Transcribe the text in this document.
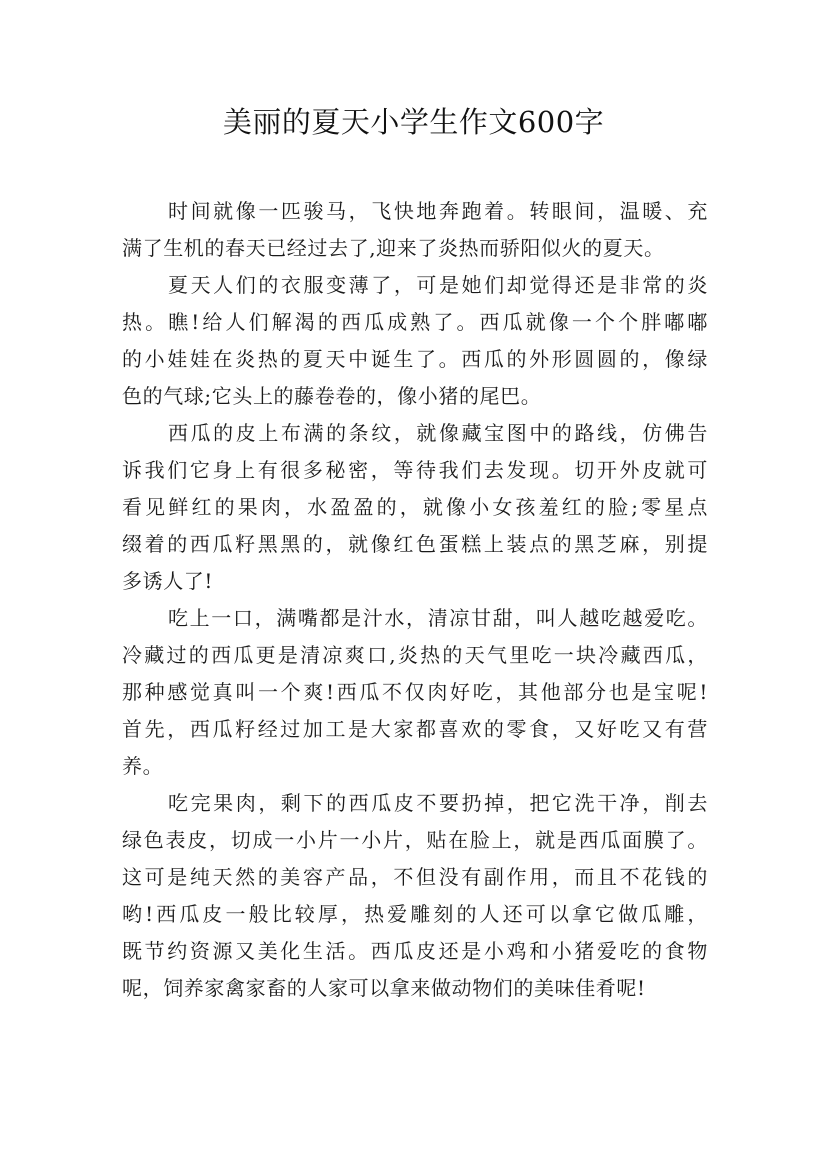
美丽的夏天小学生作文600字
时间就像一匹骏马，飞快地奔跑着。转眼间，温暖、充
满了生机的春天已经过去了,迎来了炎热而骄阳似火的夏天。
夏天人们的衣服变薄了，可是她们却觉得还是非常的炎
热。瞧!给人们解渴的西瓜成熟了。西瓜就像一个个胖嘟嘟
的小娃娃在炎热的夏天中诞生了。西瓜的外形圆圆的，像绿
色的气球;它头上的藤卷卷的，像小猪的尾巴。
西瓜的皮上布满的条纹，就像藏宝图中的路线，仿佛告
诉我们它身上有很多秘密，等待我们去发现。切开外皮就可
看见鲜红的果肉，水盈盈的，就像小女孩羞红的脸;零星点
缀着的西瓜籽黑黑的，就像红色蛋糕上装点的黑芝麻，别提
多诱人了!
吃上一口，满嘴都是汁水，清凉甘甜，叫人越吃越爱吃。
冷藏过的西瓜更是清凉爽口,炎热的天气里吃一块冷藏西瓜，
那种感觉真叫一个爽!西瓜不仅肉好吃，其他部分也是宝呢!
首先，西瓜籽经过加工是大家都喜欢的零食，又好吃又有营
养。
吃完果肉，剩下的西瓜皮不要扔掉，把它洗干净，削去
绿色表皮，切成一小片一小片，贴在脸上，就是西瓜面膜了。
这可是纯天然的美容产品，不但没有副作用，而且不花钱的
哟!西瓜皮一般比较厚，热爱雕刻的人还可以拿它做瓜雕，
既节约资源又美化生活。西瓜皮还是小鸡和小猪爱吃的食物
呢，饲养家禽家畜的人家可以拿来做动物们的美味佳肴呢!
